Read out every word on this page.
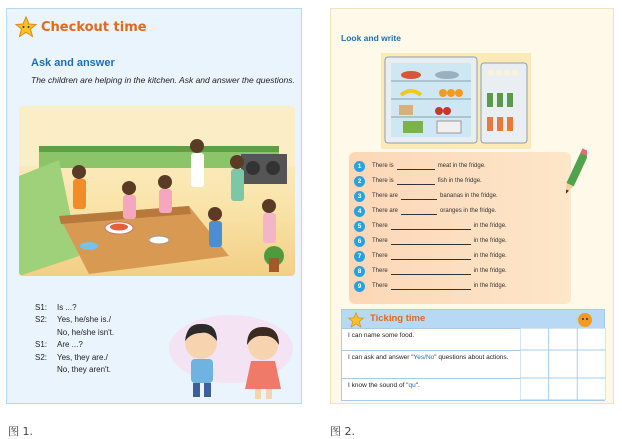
Checkout time
Ask and answer
The children are helping in the kitchen. Ask and answer the questions.
S1:	Is ...?
S2:	Yes, he/she is./
No, he/she isn't.
S1:	Are ...?
S2:	Yes, they are./
No, they aren't.
Look and write
1	There is	meat in the fridge.
2	There is	fish in the fridge.
3	There are	bananas in the fridge.
4	There are	oranges in the fridge.
5	There	in the fridge.
6	There	in the fridge.
7	There	in the fridge.
8	There	in the fridge.
9	There	in the fridge.
Ticking time
I can name some food.
I can ask and answer "Yes/No" questions about actions.
I know the sound of "qu".
图 1.	图 2.
